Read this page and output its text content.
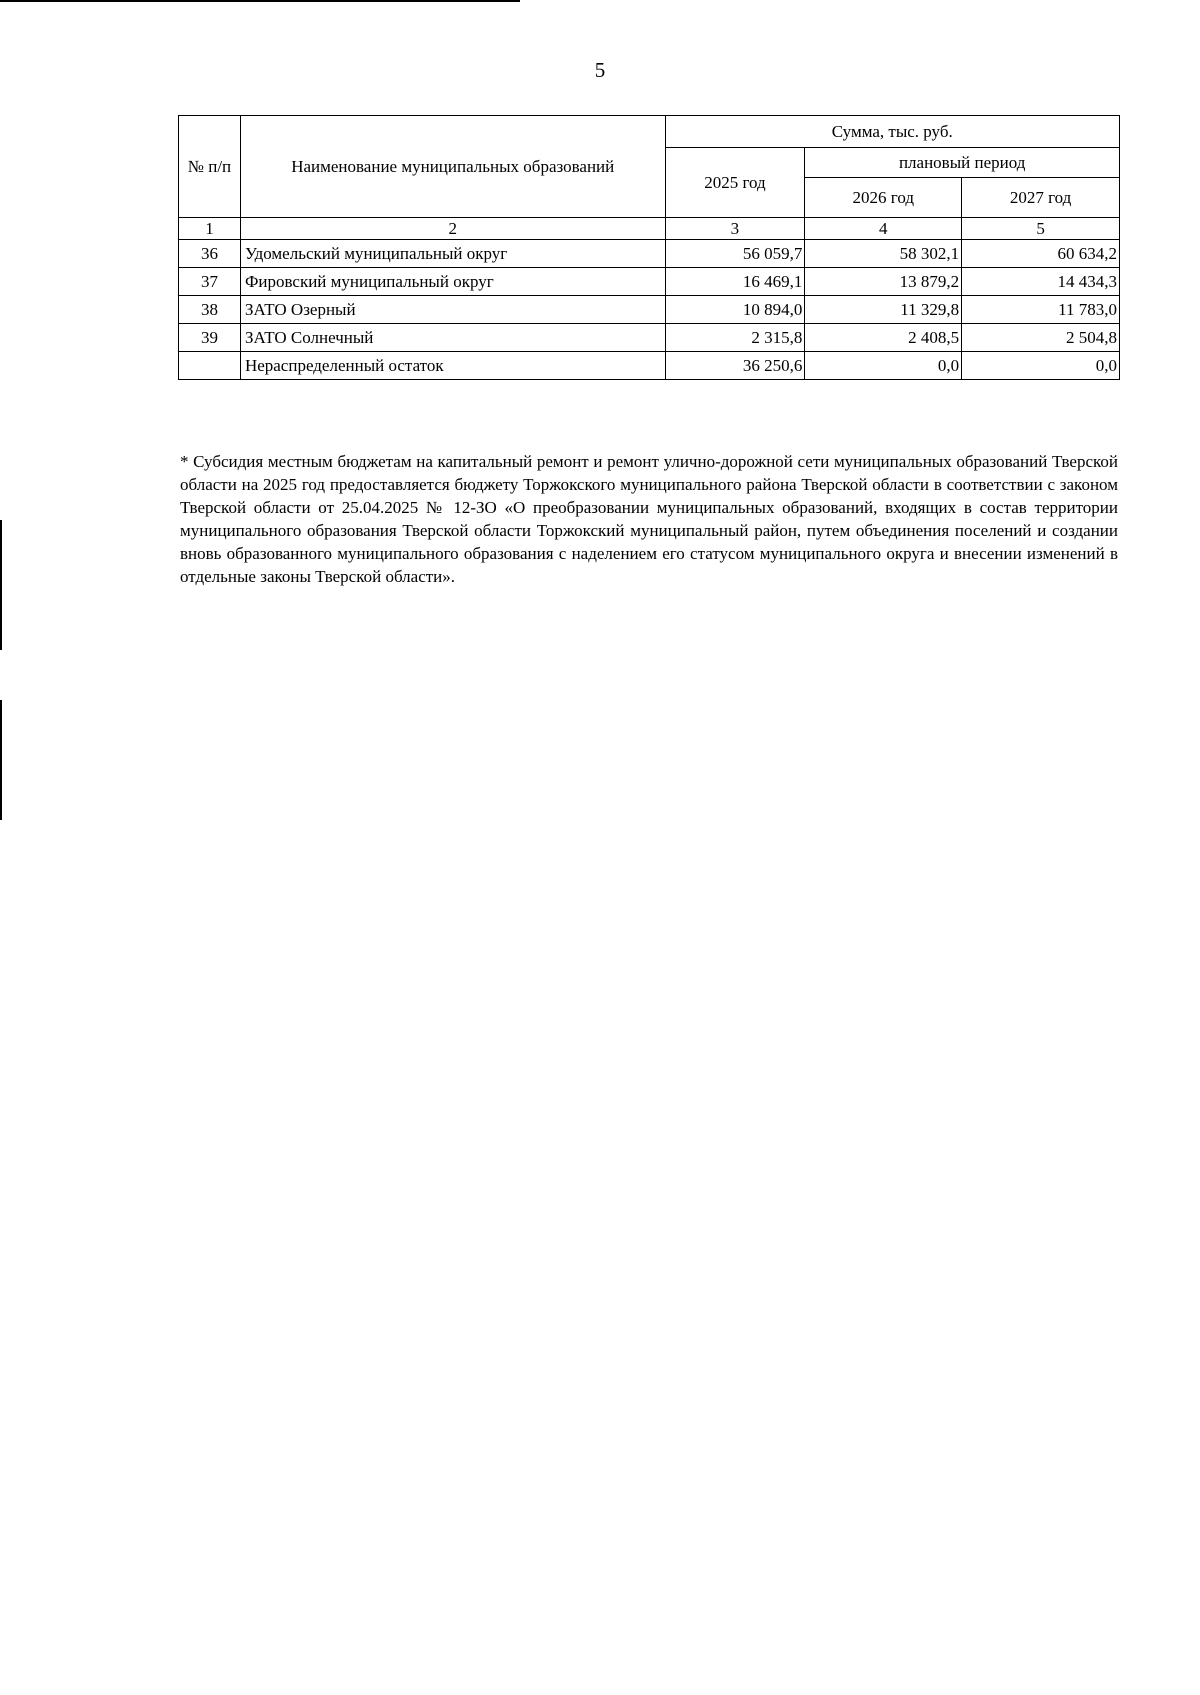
5
№ п/п	Наименование муниципальных образований	Сумма, тыс. руб.		
		2025 год	плановый период	
			2026 год	2027 год
1	2	3	4	5
36	Удомельский муниципальный округ	56 059,7	58 302,1	60 634,2
37	Фировский муниципальный округ	16 469,1	13 879,2	14 434,3
38	ЗАТО Озерный	10 894,0	11 329,8	11 783,0
39	ЗАТО Солнечный	2 315,8	2 408,5	2 504,8
	Нераспределенный остаток	36 250,6	0,0	0,0
* Субсидия местным бюджетам на капитальный ремонт и ремонт улично-дорожной сети муниципальных образований Тверской области на 2025 год предоставляется бюджету Торжокского муниципального района Тверской области в соответствии с законом Тверской области от 25.04.2025 № 12-ЗО «О преобразовании муниципальных образований, входящих в состав территории муниципального образования Тверской области Торжокский муниципальный район, путем объединения поселений и создании вновь образованного муниципального образования с наделением его статусом муниципального округа и внесении изменений в отдельные законы Тверской области».
